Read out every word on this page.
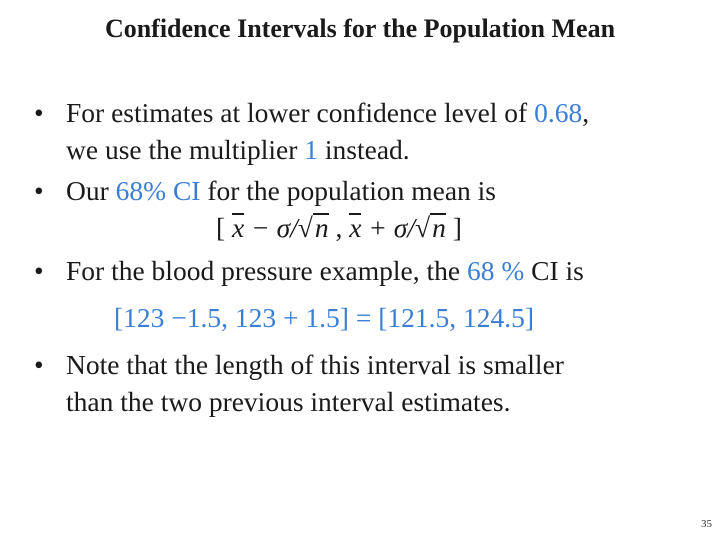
Confidence Intervals for the Population Mean
• For estimates at lower confidence level of 0.68,
we use the multiplier 1 instead.
• Our 68% CI for the population mean is
[ x − σ/√n , x + σ/√n ]
• For the blood pressure example, the 68 % CI is
[123 −1.5, 123 + 1.5] = [121.5, 124.5]
• Note that the length of this interval is smaller
than the two previous interval estimates.
35
